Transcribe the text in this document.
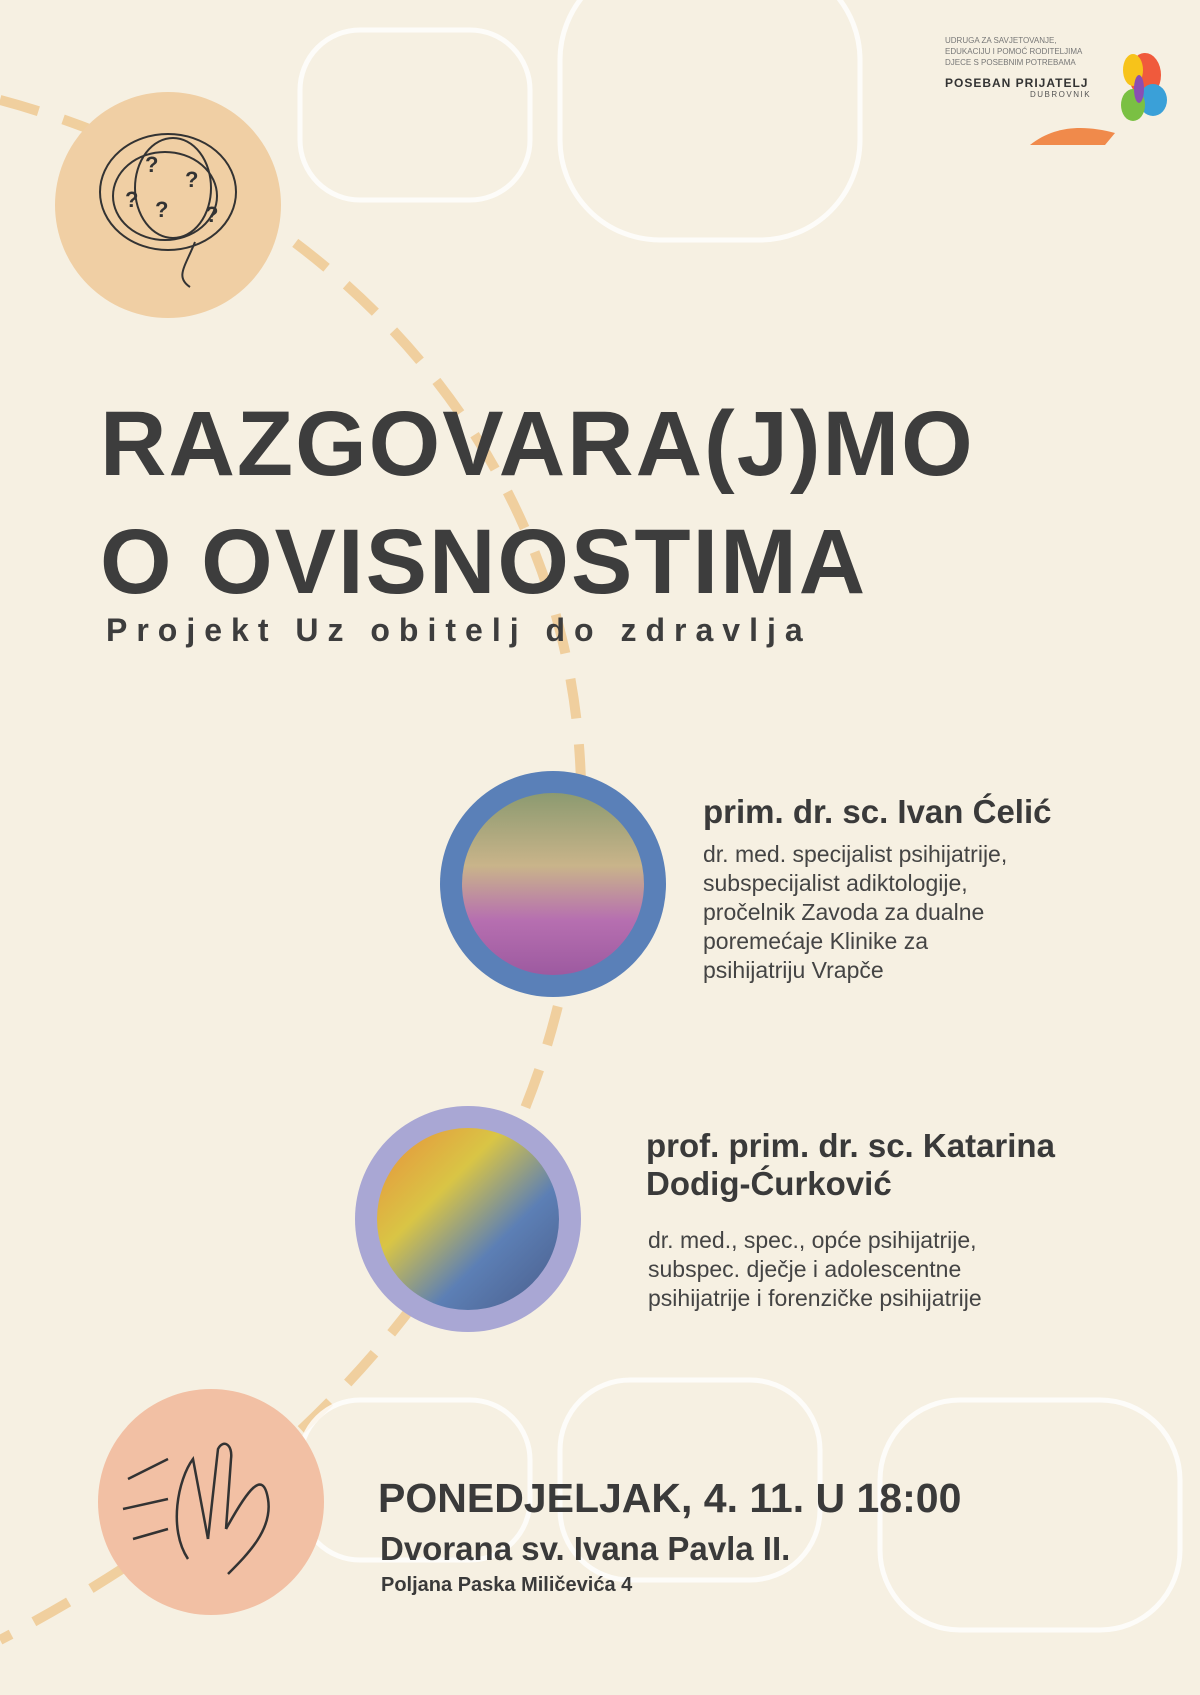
?
?
? ?
?
UDRUGA ZA SAVJETOVANJE,
EDUKACIJU I POMOĆ RODITELJIMA
DJECE S POSEBNIM POTREBAMA
POSEBAN PRIJATELJ
DUBROVNIK
RAZGOVARA(J)MO
O OVISNOSTIMA
Projekt Uz obitelj do zdravlja
prim. dr. sc. Ivan Ćelić
dr. med. specijalist psihijatrije,
subspecijalist adiktologije,
pročelnik Zavoda za dualne
poremećaje Klinike za
psihijatriju Vrapče
prof. prim. dr. sc. Katarina
Dodig-Ćurković
dr. med., spec., opće psihijatrije,
subspec. dječje i adolescentne
psihijatrije i forenzičke psihijatrije
PONEDJELJAK, 4. 11. U 18:00
Dvorana sv. Ivana Pavla II.
Poljana Paska Miličevića 4
